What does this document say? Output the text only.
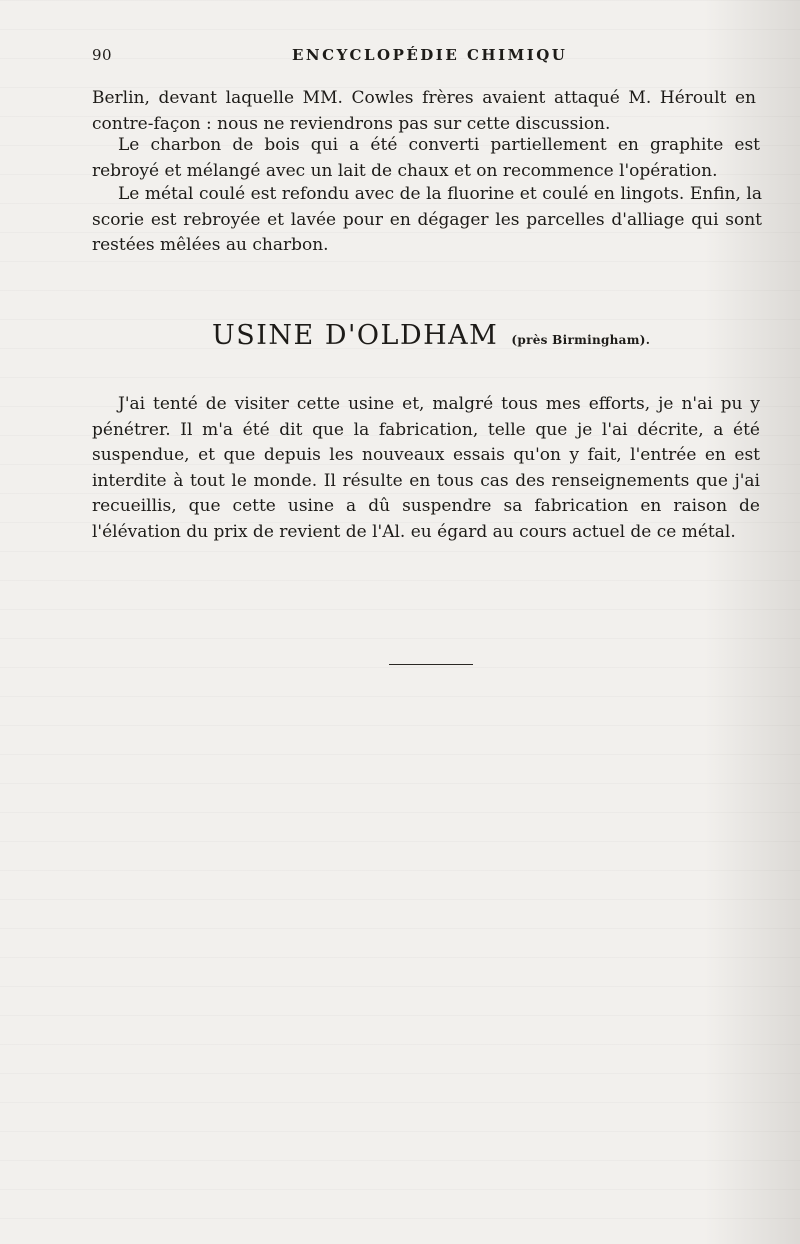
90	ENCYCLOPÉDIE CHIMIQU

Berlin, devant laquelle MM. Cowles frères avaient attaqué M. Héroult en contre-façon : nous ne reviendrons pas sur cette discussion.

Le charbon de bois qui a été converti partiellement en graphite est rebroyé et mélangé avec un lait de chaux et on recommence l'opération.

Le métal coulé est refondu avec de la fluorine et coulé en lingots. Enfin, la scorie est rebroyée et lavée pour en dégager les parcelles d'alliage qui sont restées mêlées au charbon.

USINE D'OLDHAM (près Birmingham).

J'ai tenté de visiter cette usine et, malgré tous mes efforts, je n'ai pu y pénétrer. Il m'a été dit que la fabrication, telle que je l'ai décrite, a été suspendue, et que depuis les nouveaux essais qu'on y fait, l'entrée en est interdite à tout le monde. Il résulte en tous cas des renseignements que j'ai recueillis, que cette usine a dû suspendre sa fabrication en raison de l'élévation du prix de revient de l'Al. eu égard au cours actuel de ce métal.
